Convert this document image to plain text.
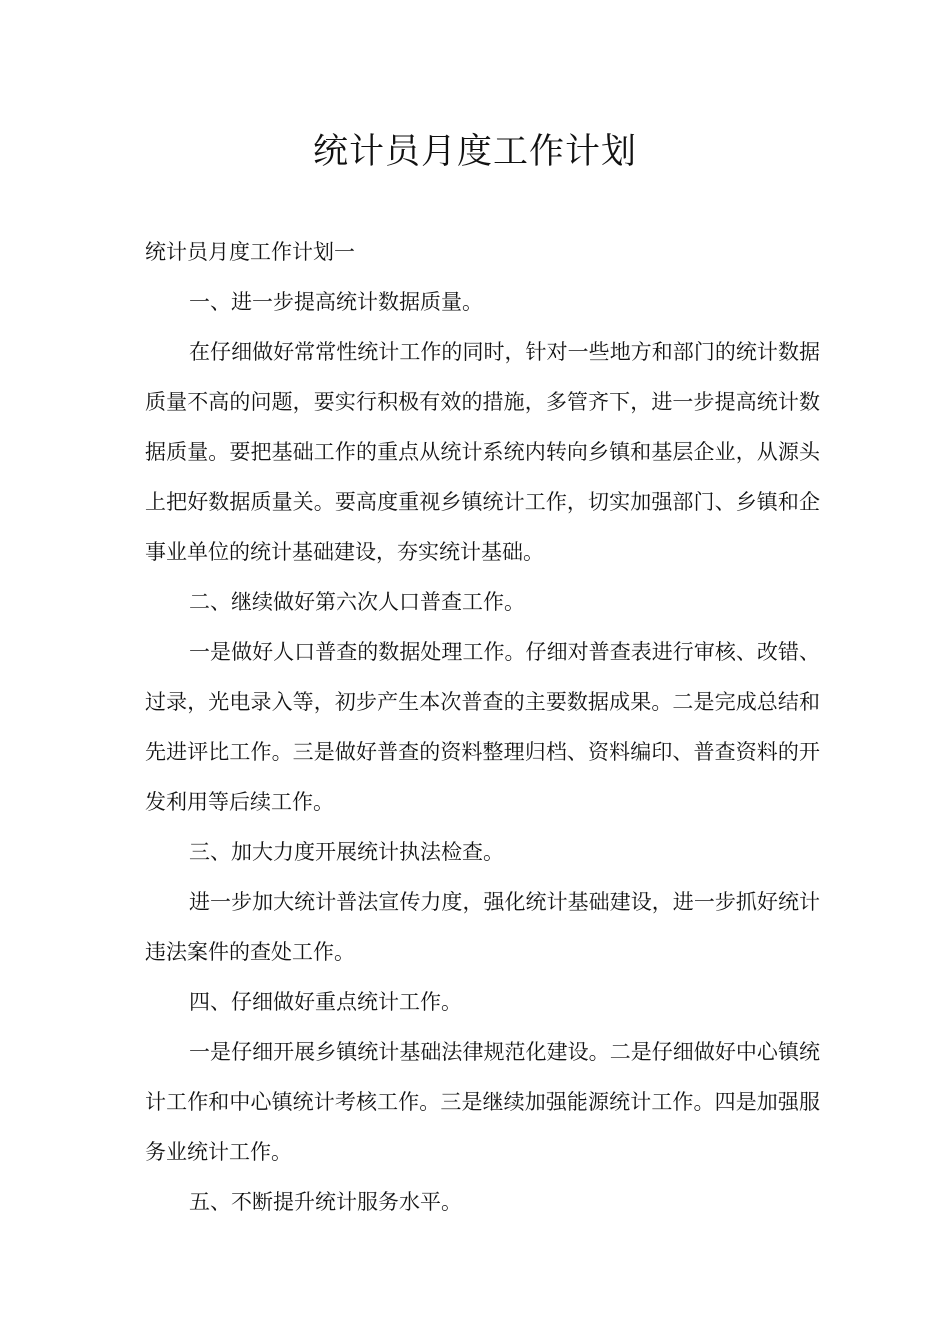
统计员月度工作计划

统计员月度工作计划一

一、进一步提高统计数据质量。

在仔细做好常常性统计工作的同时，针对一些地方和部门的统计数据质量不高的问题，要实行积极有效的措施，多管齐下，进一步提高统计数据质量。要把基础工作的重点从统计系统内转向乡镇和基层企业，从源头上把好数据质量关。要高度重视乡镇统计工作，切实加强部门、乡镇和企事业单位的统计基础建设，夯实统计基础。

二、继续做好第六次人口普查工作。

一是做好人口普查的数据处理工作。仔细对普查表进行审核、改错、过录，光电录入等，初步产生本次普查的主要数据成果。二是完成总结和先进评比工作。三是做好普查的资料整理归档、资料编印、普查资料的开发利用等后续工作。

三、加大力度开展统计执法检查。

进一步加大统计普法宣传力度，强化统计基础建设，进一步抓好统计违法案件的查处工作。

四、仔细做好重点统计工作。

一是仔细开展乡镇统计基础法律规范化建设。二是仔细做好中心镇统计工作和中心镇统计考核工作。三是继续加强能源统计工作。四是加强服务业统计工作。

五、不断提升统计服务水平。
